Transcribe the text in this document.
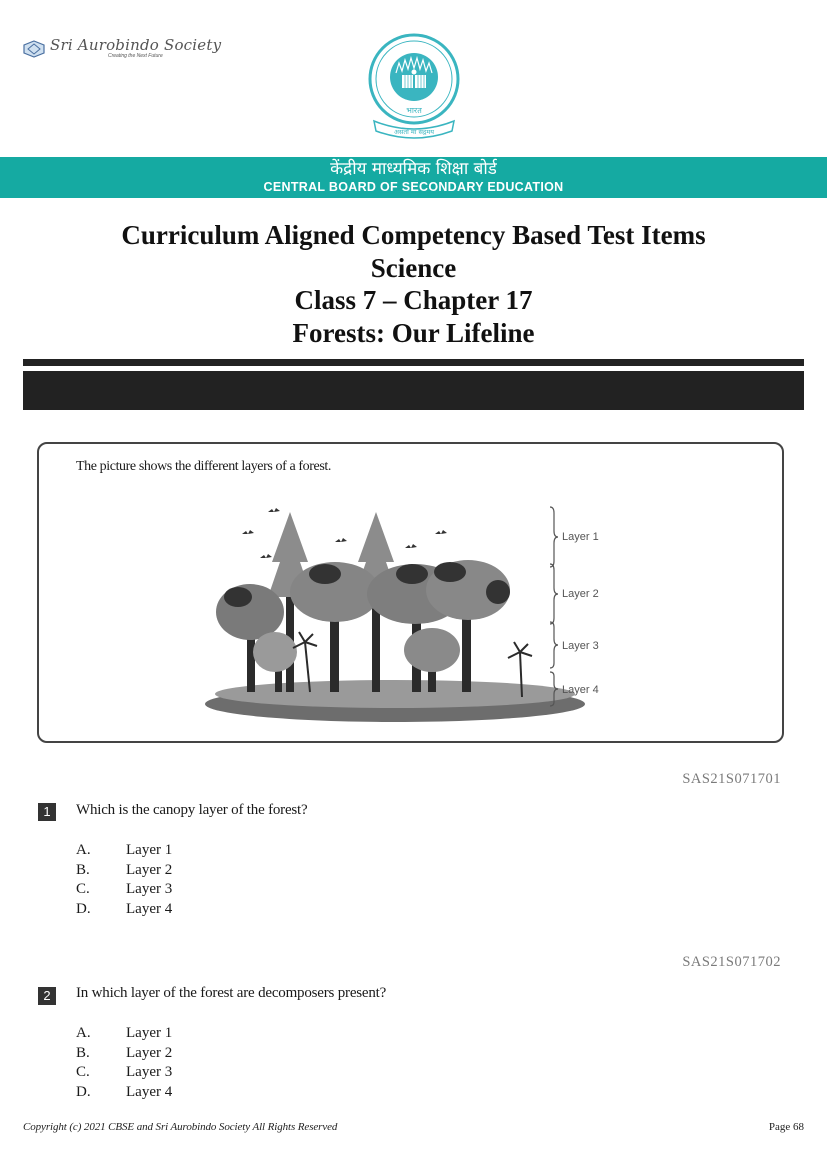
Sri Aurobindo Society
Creating the Next Future
भारत
असतो मा सद्गमय
केंद्रीय माध्यमिक शिक्षा बोर्ड
CENTRAL BOARD OF SECONDARY EDUCATION
Curriculum Aligned Competency Based Test Items
Science
Class 7 – Chapter 17
Forests: Our Lifeline
The picture shows the different layers of a forest.
Layer 1
Layer 2
Layer 3
Layer 4
SAS21S071701
1	Which is the canopy layer of the forest?
A.	Layer 1
B.	Layer 2
C.	Layer 3
D.	Layer 4
SAS21S071702
2	In which layer of the forest are decomposers present?
A.	Layer 1
B.	Layer 2
C.	Layer 3
D.	Layer 4
Copyright (c) 2021 CBSE and Sri Aurobindo Society All Rights Reserved	Page 68
